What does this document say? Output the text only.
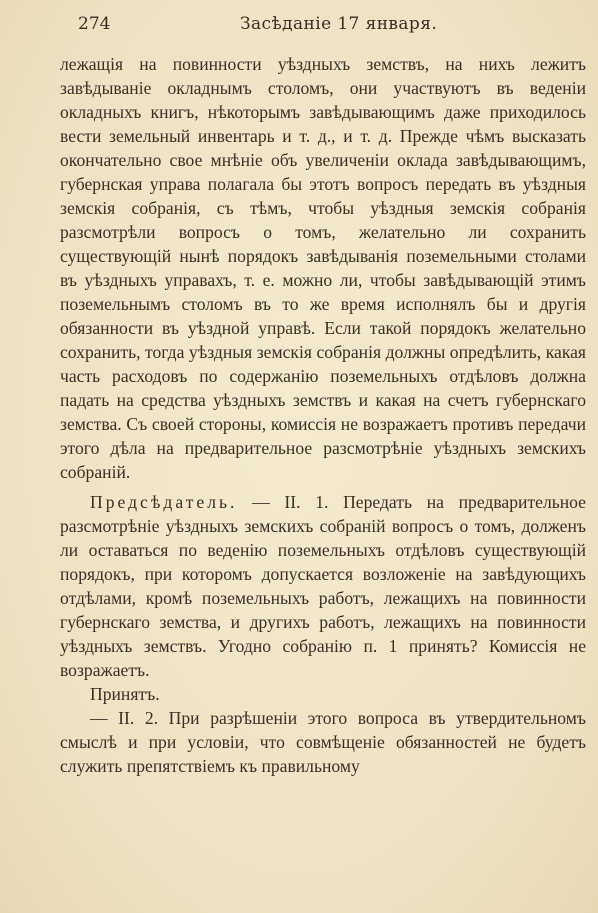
274	Засѣданіе 17 января.

лежащія на повинности уѣздныхъ земствъ, на нихъ лежитъ завѣдываніе окладнымъ столомъ, они участвуютъ въ веденіи окладныхъ книгъ, нѣкоторымъ завѣдывающимъ даже приходилось вести земельный инвентарь и т. д., и т. д. Прежде чѣмъ высказать окончательно свое мнѣніе объ увеличеніи оклада завѣдывающимъ, губернская управа полагала бы этотъ вопросъ передать въ уѣздныя земскія собранія, съ тѣмъ, чтобы уѣздныя земскія собранія разсмотрѣли вопросъ о томъ, желательно ли сохранить существующій нынѣ порядокъ завѣдыванія поземельными столами въ уѣздныхъ управахъ, т. е. можно ли, чтобы завѣдывающій этимъ поземельнымъ столомъ въ то же время исполнялъ бы и другія обязанности въ уѣздной управѣ. Если такой порядокъ желательно сохранить, тогда уѣздныя земскія собранія должны опредѣлить, какая часть расходовъ по содержанію поземельныхъ отдѣловъ должна падать на средства уѣздныхъ земствъ и какая на счетъ губернскаго земства. Съ своей стороны, комиссія не возражаетъ противъ передачи этого дѣла на предварительное разсмотрѣніе уѣздныхъ земскихъ собраній.

Предсѣдатель. — II. 1. Передать на предварительное разсмотрѣніе уѣздныхъ земскихъ собраній вопросъ о томъ, долженъ ли оставаться по веденію поземельныхъ отдѣловъ существующій порядокъ, при которомъ допускается возложеніе на завѣдующихъ отдѣлами, кромѣ поземельныхъ работъ, лежащихъ на повинности губернскаго земства, и другихъ работъ, лежащихъ на повинности уѣздныхъ земствъ. Угодно собранію п. 1 принять? Комиссія не возражаетъ.

Принятъ.

— II. 2. При разрѣшеніи этого вопроса въ утвердительномъ смыслѣ и при условіи, что совмѣщеніе обязанностей не будетъ служить препятствіемъ къ правильному
